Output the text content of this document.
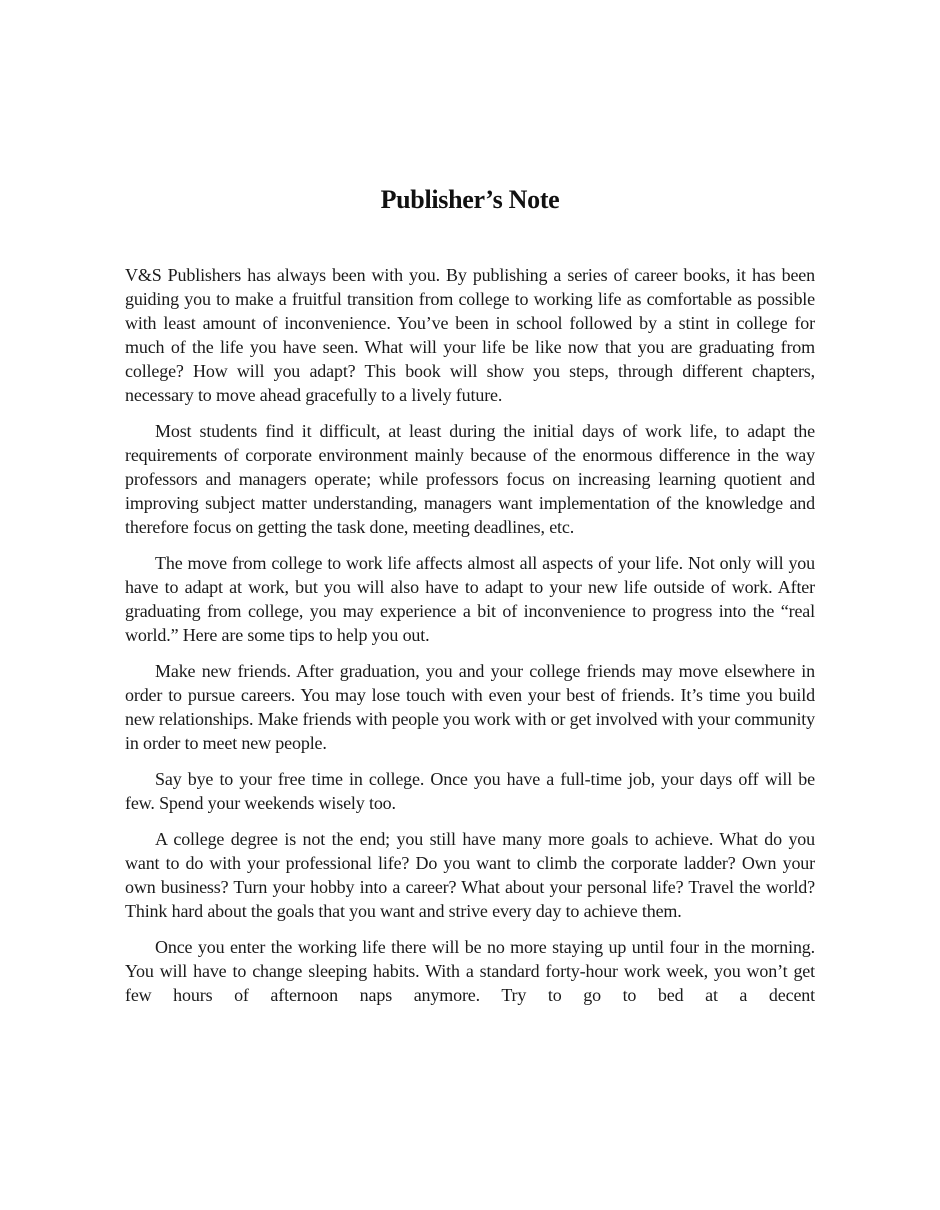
Publisher’s Note

V&S Publishers has always been with you. By publishing a series of career books, it has been guiding you to make a fruitful transition from college to working life as comfortable as possible with least amount of inconvenience. You’ve been in school followed by a stint in college for much of the life you have seen. What will your life be like now that you are graduating from college? How will you adapt? This book will show you steps, through different chapters, necessary to move ahead gracefully to a lively future.

Most students find it difficult, at least during the initial days of work life, to adapt the requirements of corporate environment mainly because of the enormous difference in the way professors and managers operate; while professors focus on increasing learning quotient and improving subject matter understanding, managers want implementation of the knowledge and therefore focus on getting the task done, meeting deadlines, etc.

The move from college to work life affects almost all aspects of your life. Not only will you have to adapt at work, but you will also have to adapt to your new life outside of work. After graduating from college, you may experience a bit of inconvenience to progress into the “real world.” Here are some tips to help you out.

Make new friends. After graduation, you and your college friends may move elsewhere in order to pursue careers. You may lose touch with even your best of friends. It’s time you build new relationships. Make friends with people you work with or get involved with your community in order to meet new people.

Say bye to your free time in college. Once you have a full-time job, your days off will be few. Spend your weekends wisely too.

A college degree is not the end; you still have many more goals to achieve. What do you want to do with your professional life? Do you want to climb the corporate ladder? Own your own business? Turn your hobby into a career? What about your personal life? Travel the world? Think hard about the goals that you want and strive every day to achieve them.

Once you enter the working life there will be no more staying up until four in the morning. You will have to change sleeping habits. With a standard forty-hour work week, you won’t get few hours of afternoon naps anymore. Try to go to bed at a decent
